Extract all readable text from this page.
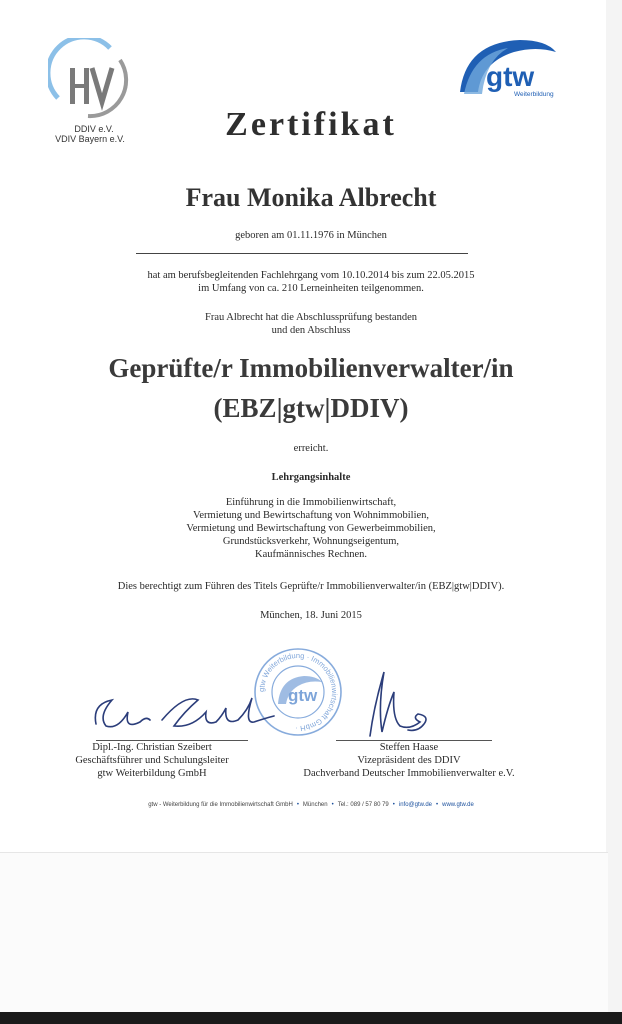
DDIV e.V.
VDIV Bayern e.V.
gtw
Weiterbildung
Zertifikat
Frau Monika Albrecht
geboren am 01.11.1976 in München
hat am berufsbegleitenden Fachlehrgang vom 10.10.2014 bis zum 22.05.2015
im Umfang von ca. 210 Lerneinheiten teilgenommen.
Frau Albrecht hat die Abschlussprüfung bestanden
und den Abschluss
Geprüfte/r Immobilienverwalter/in
(EBZ|gtw|DDIV)
erreicht.
Lehrgangsinhalte
Einführung in die Immobilienwirtschaft,
Vermietung und Bewirtschaftung von Wohnimmobilien,
Vermietung und Bewirtschaftung von Gewerbeimmobilien,
Grundstücksverkehr, Wohnungseigentum,
Kaufmännisches Rechnen.
Dies berechtigt zum Führen des Titels Geprüfte/r Immobilienverwalter/in (EBZ|gtw|DDIV).
München, 18. Juni 2015
gtw Weiterbildung · Immobilienwirtschaft GmbH ·
gtw
Dipl.-Ing. Christian Szeibert
Geschäftsführer und Schulungsleiter
gtw Weiterbildung GmbH
Steffen Haase
Vizepräsident des DDIV
Dachverband Deutscher Immobilienverwalter e.V.
gtw - Weiterbildung für die Immobilienwirtschaft GmbH • München • Tel.: 089 / 57 80 79 • info@gtw.de • www.gtw.de
